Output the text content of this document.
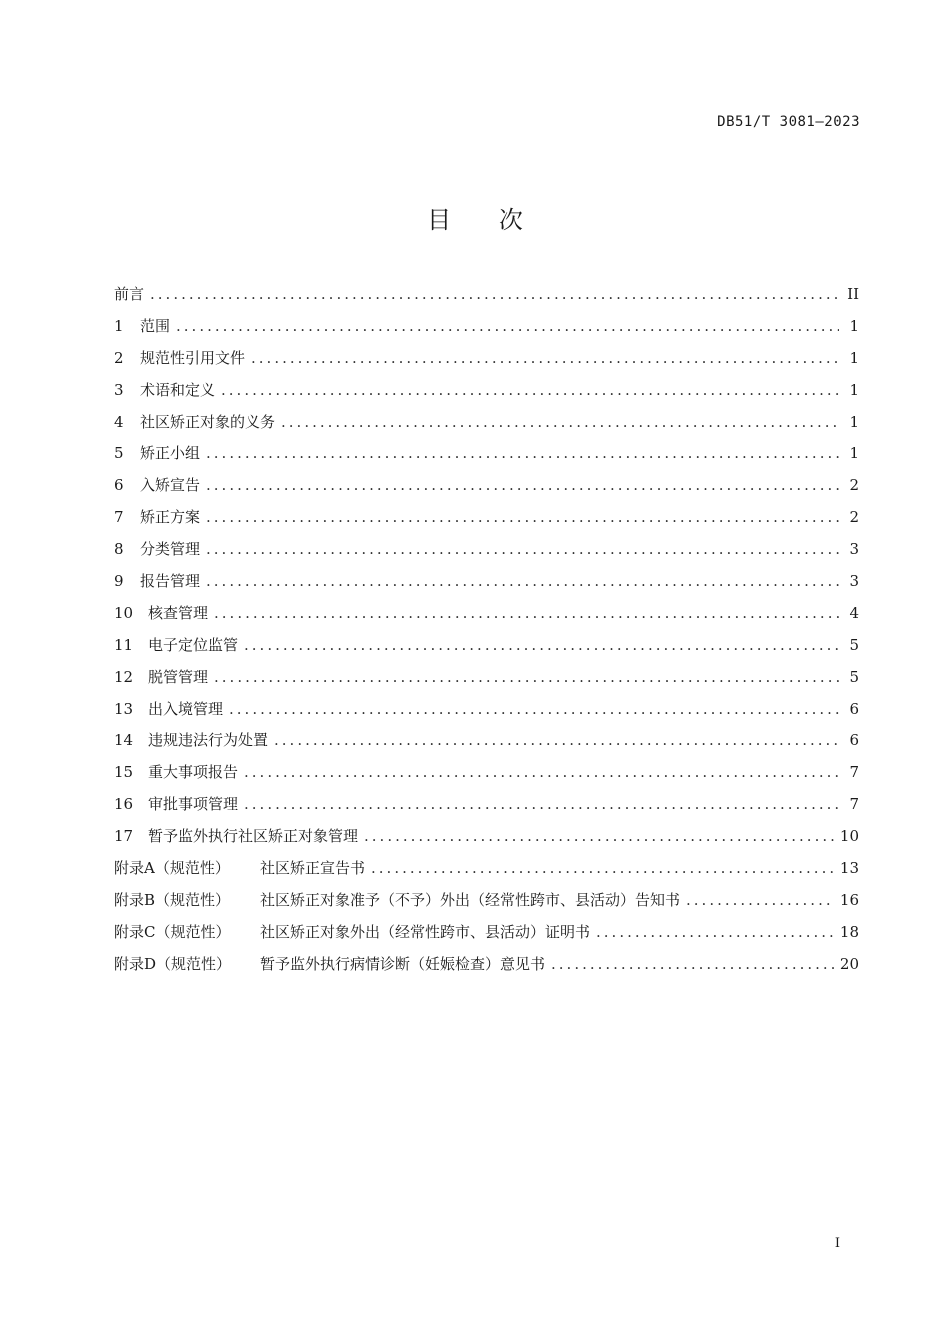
DB51/T 3081—2023
目 次
前言 .....	II
1	范围 .....	1
2	规范性引用文件 .....	1
3	术语和定义 .....	1
4	社区矫正对象的义务 .....	1
5	矫正小组 .....	1
6	入矫宣告 .....	2
7	矫正方案 .....	2
8	分类管理 .....	3
9	报告管理 .....	3
10 核查管理 .....	4
11 电子定位监管 .....	5
12 脱管管理 .....	5
13 出入境管理 .....	6
14 违规违法行为处置 .....	6
15 重大事项报告 .....	7
16 审批事项管理 .....	7
17 暂予监外执行社区矫正对象管理 .....	10
附录A（规范性）	社区矫正宣告书 .....	13
附录B（规范性）	社区矫正对象准予（不予）外出（经常性跨市、县活动）告知书 .....	16
附录C（规范性）	社区矫正对象外出（经常性跨市、县活动）证明书 .....	18
附录D（规范性）	暂予监外执行病情诊断（妊娠检查）意见书 .....	20
I
